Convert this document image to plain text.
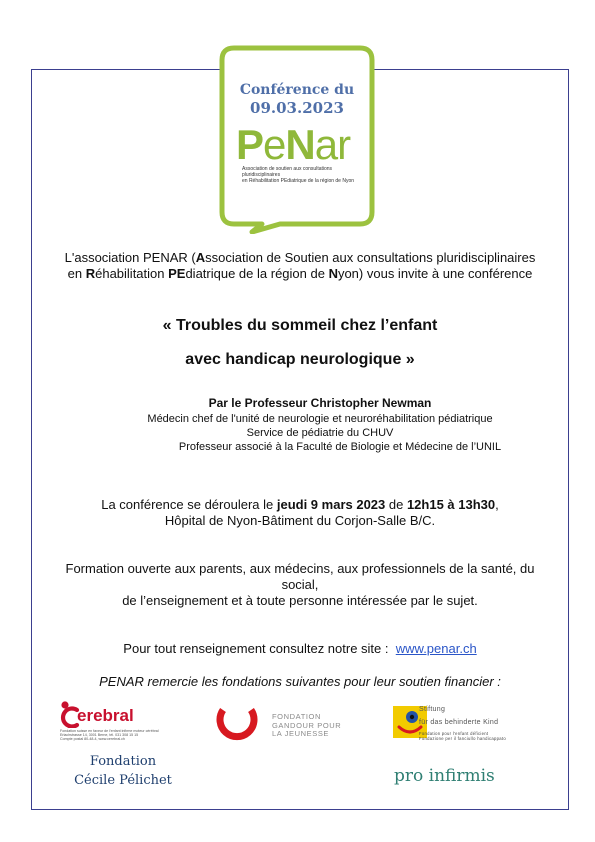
Conférence du
09.03.2023
PeNar
Association de soutien aux consultations pluridisciplinaires
en Réhabilitation PEdiatrique de la région de Nyon
L'association PENAR (Association de Soutien aux consultations pluridisciplinaires
en Réhabilitation PEdiatrique de la région de Nyon) vous invite à une conférence
« Troubles du sommeil chez l’enfant
avec handicap neurologique »
Par le Professeur Christopher Newman
Médecin chef de l'unité de neurologie et neuroréhabilitation pédiatrique
Service de pédiatrie du CHUV
Professeur associé à la Faculté de Biologie et Médecine de l’UNIL
La conférence se déroulera le jeudi 9 mars 2023 de 12h15 à 13h30,
Hôpital de Nyon-Bâtiment du Corjon-Salle B/C.
Formation ouverte aux parents, aux médecins, aux professionnels de la santé, du
social,
de l’enseignement et à toute personne intéressée par le sujet.
Pour tout renseignement consultez notre site : www.penar.ch
PENAR remercie les fondations suivantes pour leur soutien financier :
erebral
Fondation suisse en faveur de l'enfant infirme moteur cérébral
Erlachstrasse 14, 3001 Berne, tél. 031 308 15 15
Compte postal 80-48-4, www.cerebral.ch
FONDATION
GANDOUR POUR
LA JEUNESSE
Stiftung
für das behinderte Kind
Fondation pour l'enfant déficient
Fondazione per il fanciullo handicappato
Fondation
Cécile Pélichet	pro infirmis
